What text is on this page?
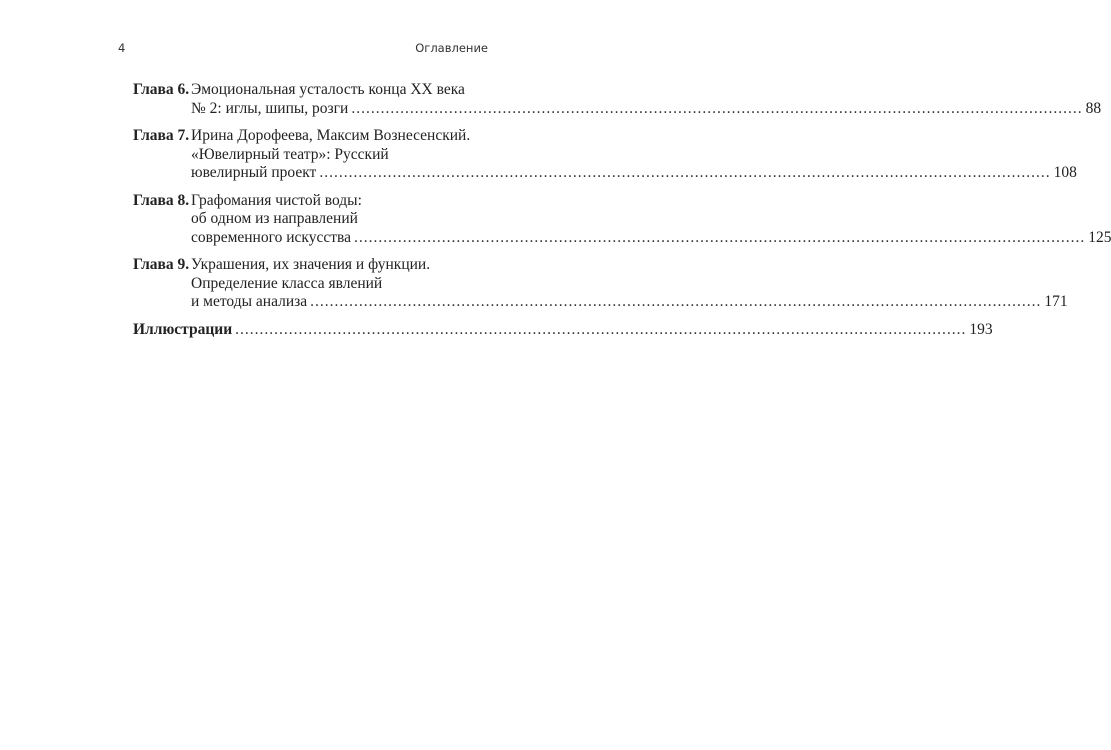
4	Оглавление
Глава 6. Эмоциональная усталость конца XX века
№ 2: иглы, шипы, розги .....	88
Глава 7. Ирина Дорофеева, Максим Вознесенский.
«Ювелирный театр»: Русский
ювелирный проект .....	108
Глава 8. Графомания чистой воды:
об одном из направлений
современного искусства .....	125
Глава 9. Украшения, их значения и функции.
Определение класса явлений
и методы анализа .....	171
Иллюстрации .....	193
